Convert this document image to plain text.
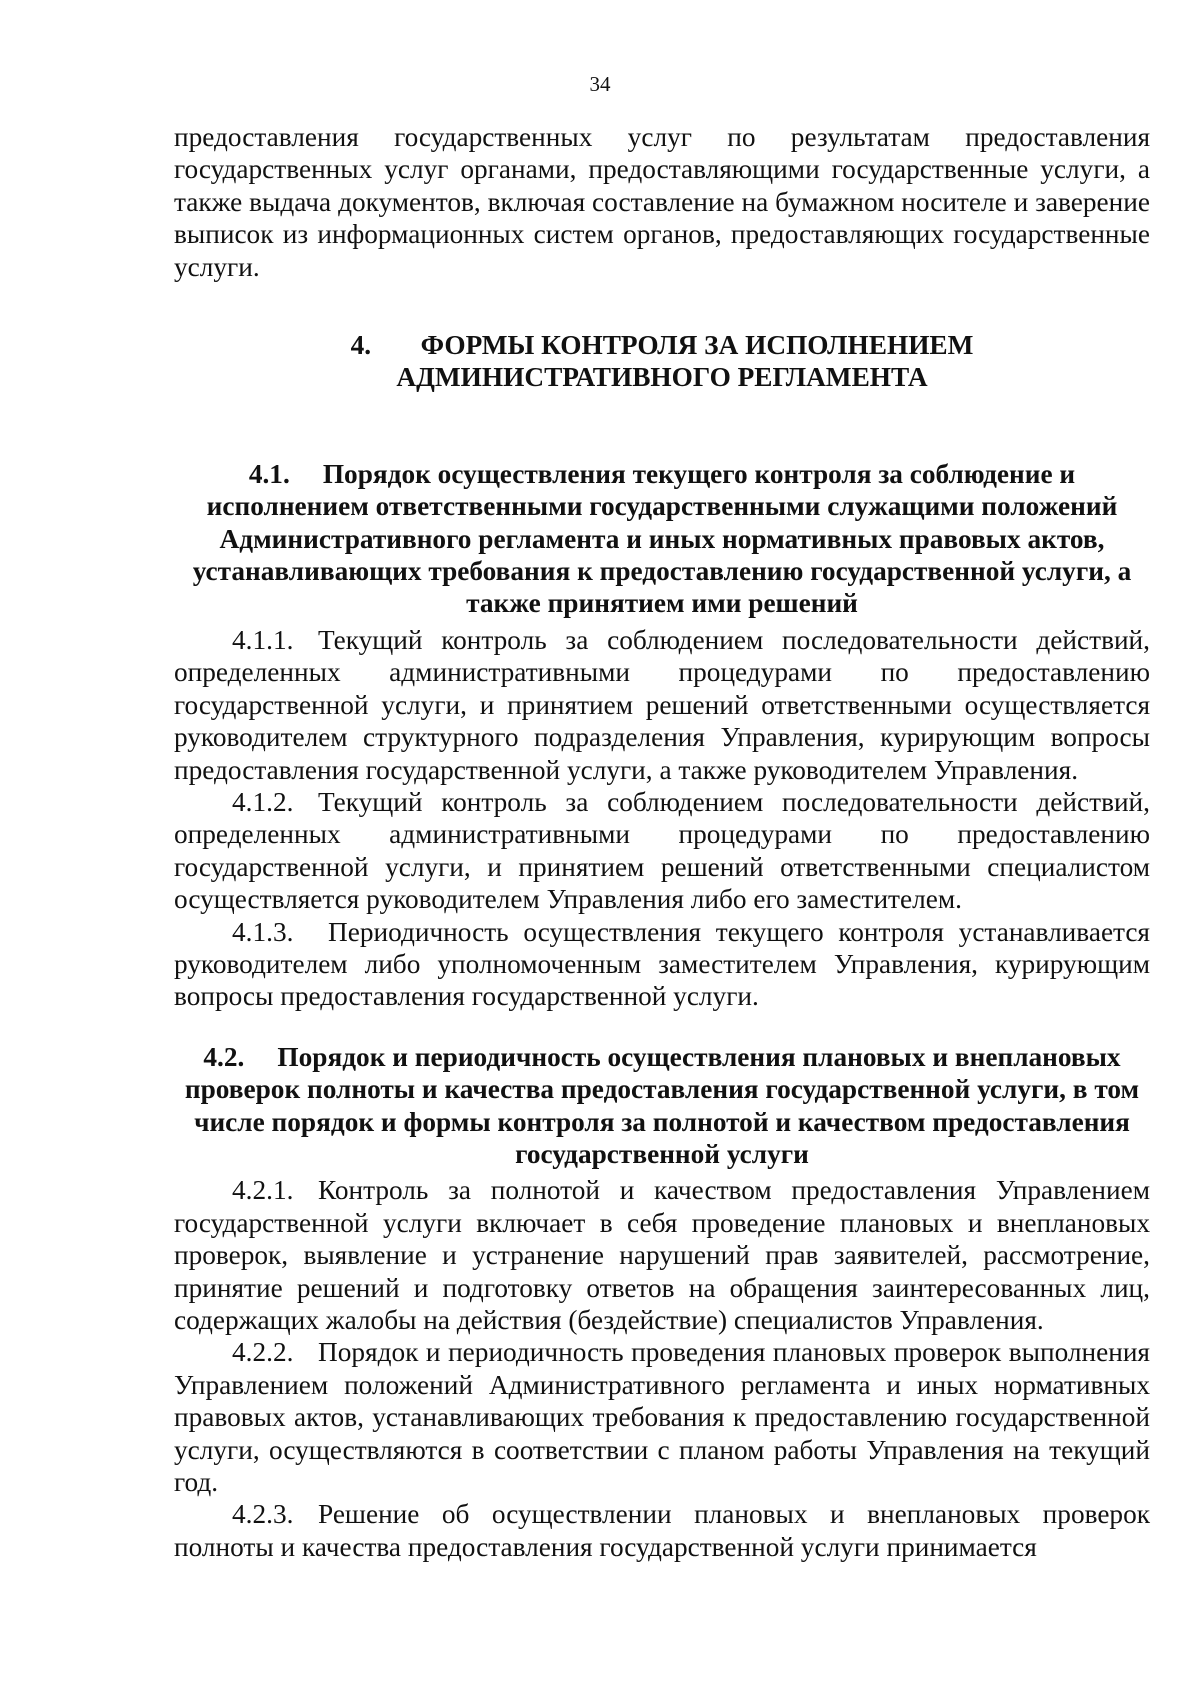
34

предоставления государственных услуг по результатам предоставления государственных услуг органами, предоставляющими государственные услуги, а также выдача документов, включая составление на бумажном носителе и заверение выписок из информационных систем органов, предоставляющих государственные услуги.

4. ФОРМЫ КОНТРОЛЯ ЗА ИСПОЛНЕНИЕМ
АДМИНИСТРАТИВНОГО РЕГЛАМЕНТА
4.1. Порядок осуществления текущего контроля за соблюдение и
исполнением ответственными государственными служащими положений Административного регламента и иных нормативных правовых актов, устанавливающих требования к предоставлению государственной услуги, а также принятием ими решений

4.1.1. Текущий контроль за соблюдением последовательности действий, определенных административными процедурами по предоставлению государственной услуги, и принятием решений ответственными осуществляется руководителем структурного подразделения Управления, курирующим вопросы предоставления государственной услуги, а также руководителем Управления.

4.1.2. Текущий контроль за соблюдением последовательности действий, определенных административными процедурами по предоставлению государственной услуги, и принятием решений ответственными специалистом осуществляется руководителем Управления либо его заместителем.

4.1.3. Периодичность осуществления текущего контроля устанавливается руководителем либо уполномоченным заместителем Управления, курирующим вопросы предоставления государственной услуги.

4.2. Порядок и периодичность осуществления плановых и внеплановых
проверок полноты и качества предоставления государственной услуги, в том числе порядок и формы контроля за полнотой и качеством предоставления государственной услуги

4.2.1. Контроль за полнотой и качеством предоставления Управлением государственной услуги включает в себя проведение плановых и внеплановых проверок, выявление и устранение нарушений прав заявителей, рассмотрение, принятие решений и подготовку ответов на обращения заинтересованных лиц, содержащих жалобы на действия (бездействие) специалистов Управления.

4.2.2. Порядок и периодичность проведения плановых проверок выполнения Управлением положений Административного регламента и иных нормативных правовых актов, устанавливающих требования к предоставлению государственной услуги, осуществляются в соответствии с планом работы Управления на текущий год.

4.2.3. Решение об осуществлении плановых и внеплановых проверок полноты и качества предоставления государственной услуги принимается
